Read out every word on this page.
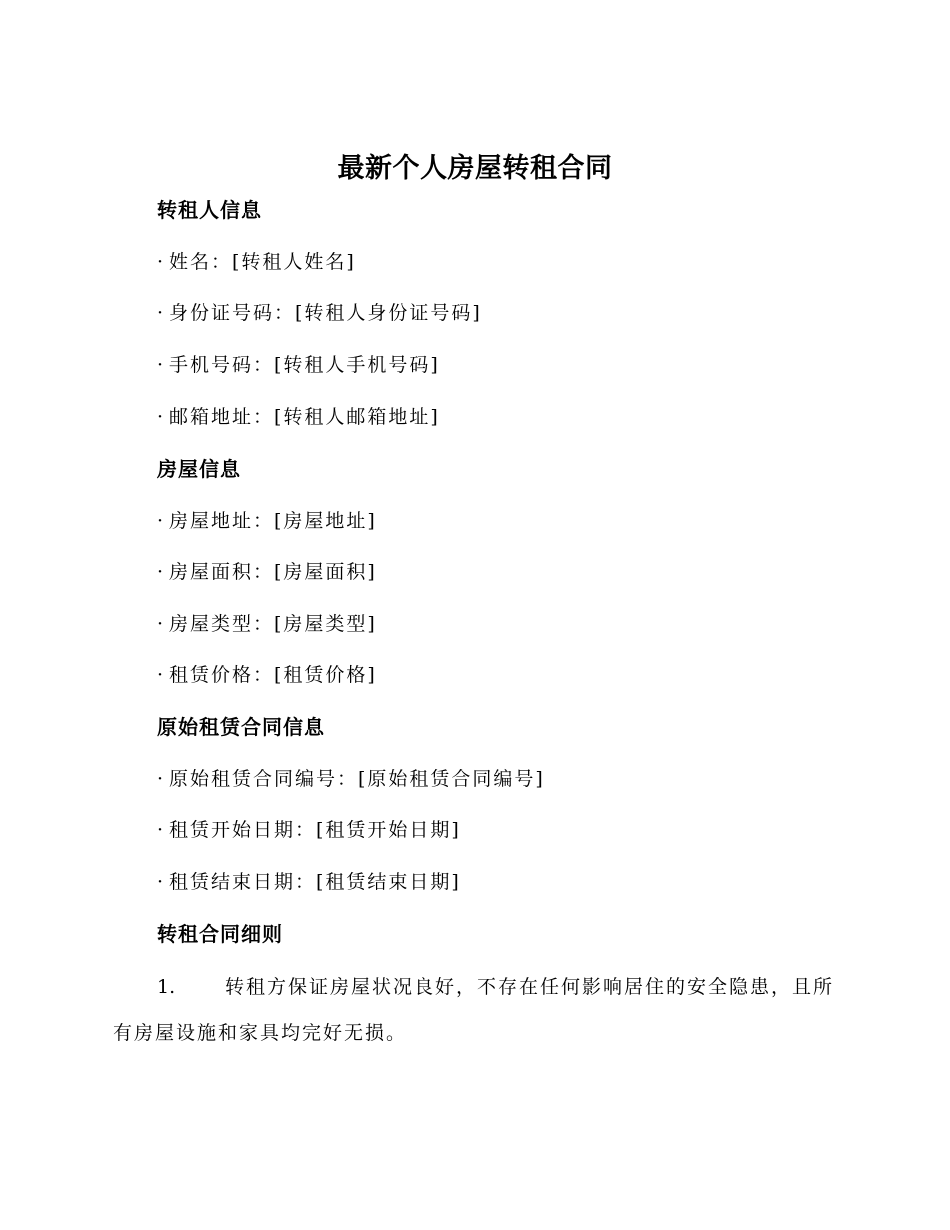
最新个人房屋转租合同
转租人信息
· 姓名：[转租人姓名]
· 身份证号码：[转租人身份证号码]
· 手机号码：[转租人手机号码]
· 邮箱地址：[转租人邮箱地址]
房屋信息
· 房屋地址：[房屋地址]
· 房屋面积：[房屋面积]
· 房屋类型：[房屋类型]
· 租赁价格：[租赁价格]
原始租赁合同信息
· 原始租赁合同编号：[原始租赁合同编号]
· 租赁开始日期：[租赁开始日期]
· 租赁结束日期：[租赁结束日期]
转租合同细则
1.	转租方保证房屋状况良好，不存在任何影响居住的安全隐患，且所有房屋设施和家具均完好无损。
